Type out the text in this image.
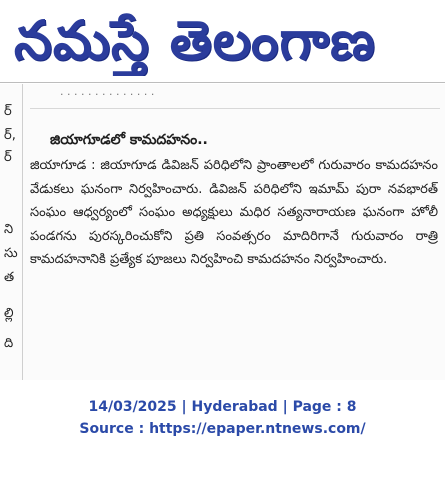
నమస్తే తెలంగాణ
ర్
ర్,
ర్
ని
సు
త
ల్లి
ది
· · · · · · · · · · · · · ·
జియాగూడలో కామదహనం..

జియాగూడ : జియాగూడ డివిజన్ పరిధిలోని ప్రాంతాలలో గురువారం కామదహనం వేడుకలు ఘనంగా నిర్వహించారు. డివిజన్ పరిధిలోని ఇమామ్ పురా నవభారత్ సంఘం ఆధ్వర్యంలో సంఘం అధ్యక్షులు మధిర సత్యనారాయణ ఘనంగా హోలీ పండగను పురస్కరించుకోని ప్రతి సంవత్సరం మాదిరిగానే గురువారం రాత్రి కామదహనానికి ప్రత్యేక పూజలు నిర్వహించి కామదహనం నిర్వహించారు.

14/03/2025 | Hyderabad | Page : 8
Source : https://epaper.ntnews.com/
